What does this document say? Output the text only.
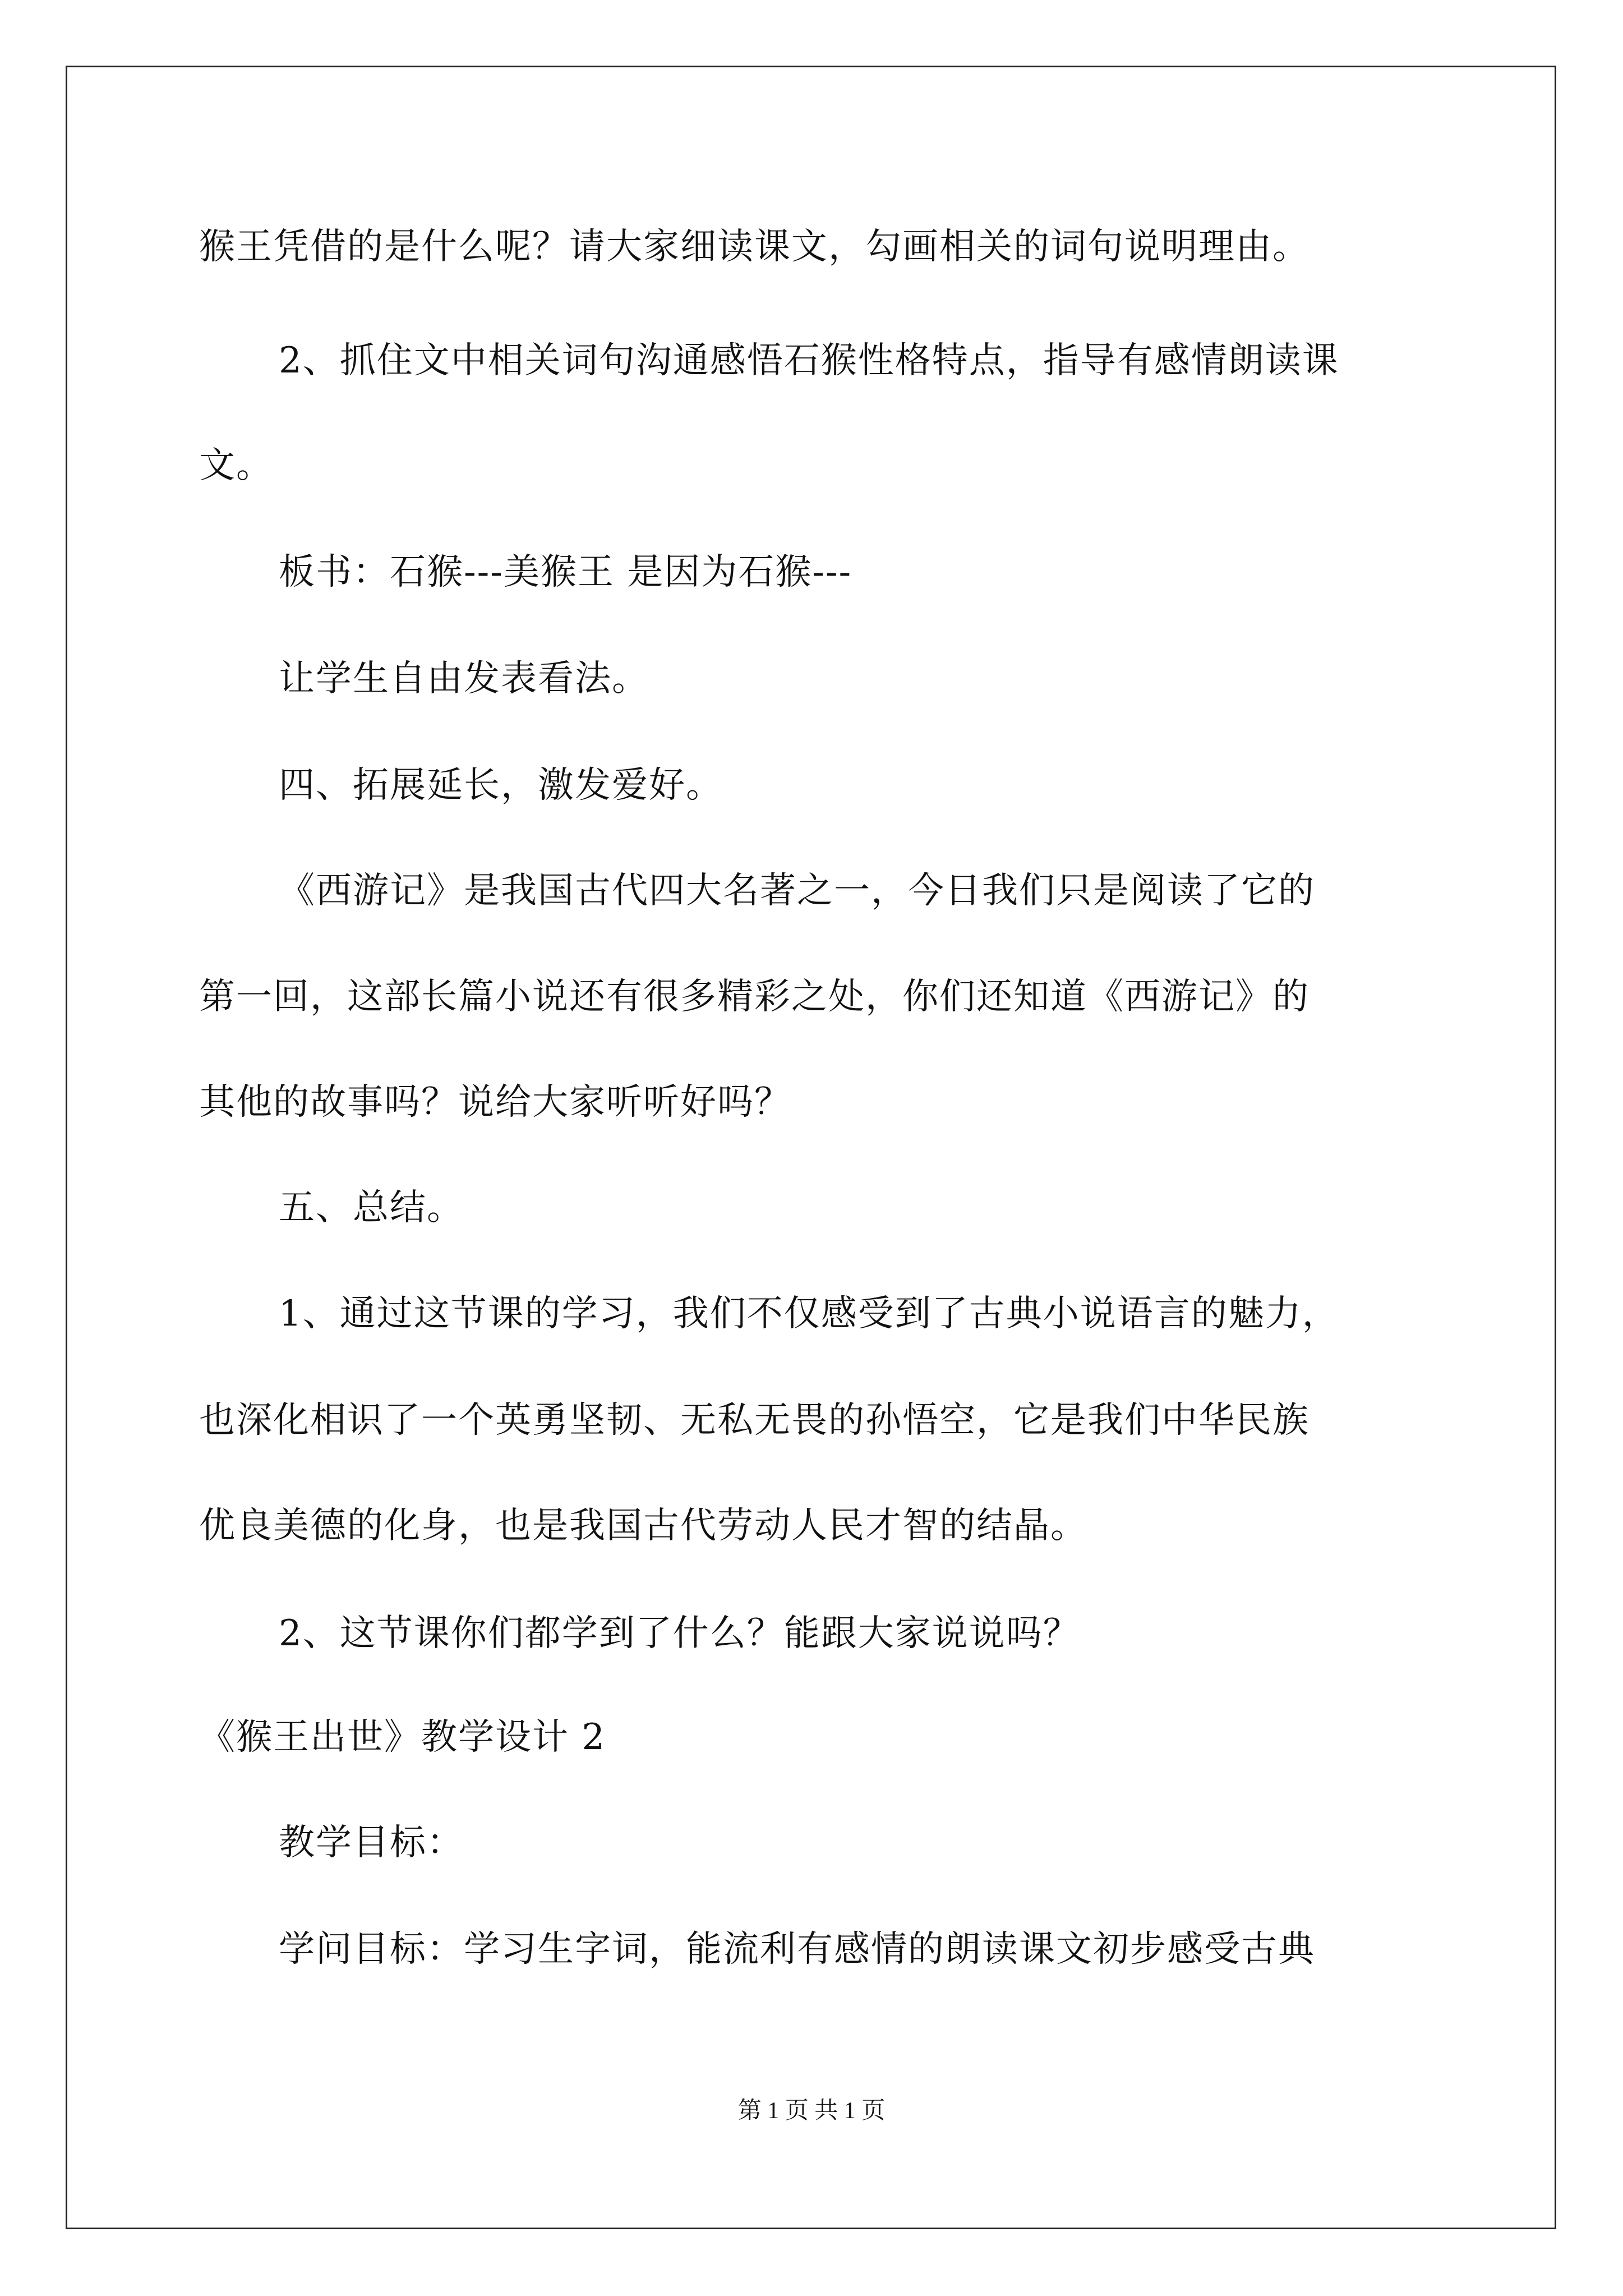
猴王凭借的是什么呢？请大家细读课文，勾画相关的词句说明理由。
2、抓住文中相关词句沟通感悟石猴性格特点，指导有感情朗读课
文。
板书：石猴---美猴王 是因为石猴---
让学生自由发表看法。
四、拓展延长，激发爱好。
《西游记》是我国古代四大名著之一，今日我们只是阅读了它的
第一回，这部长篇小说还有很多精彩之处，你们还知道《西游记》的
其他的故事吗？说给大家听听好吗？
五、总结。
1、通过这节课的学习，我们不仅感受到了古典小说语言的魅力，
也深化相识了一个英勇坚韧、无私无畏的孙悟空，它是我们中华民族
优良美德的化身，也是我国古代劳动人民才智的结晶。
2、这节课你们都学到了什么？能跟大家说说吗？
《猴王出世》教学设计 2
教学目标：
学问目标：学习生字词，能流利有感情的朗读课文初步感受古典
第 1 页 共 1 页
